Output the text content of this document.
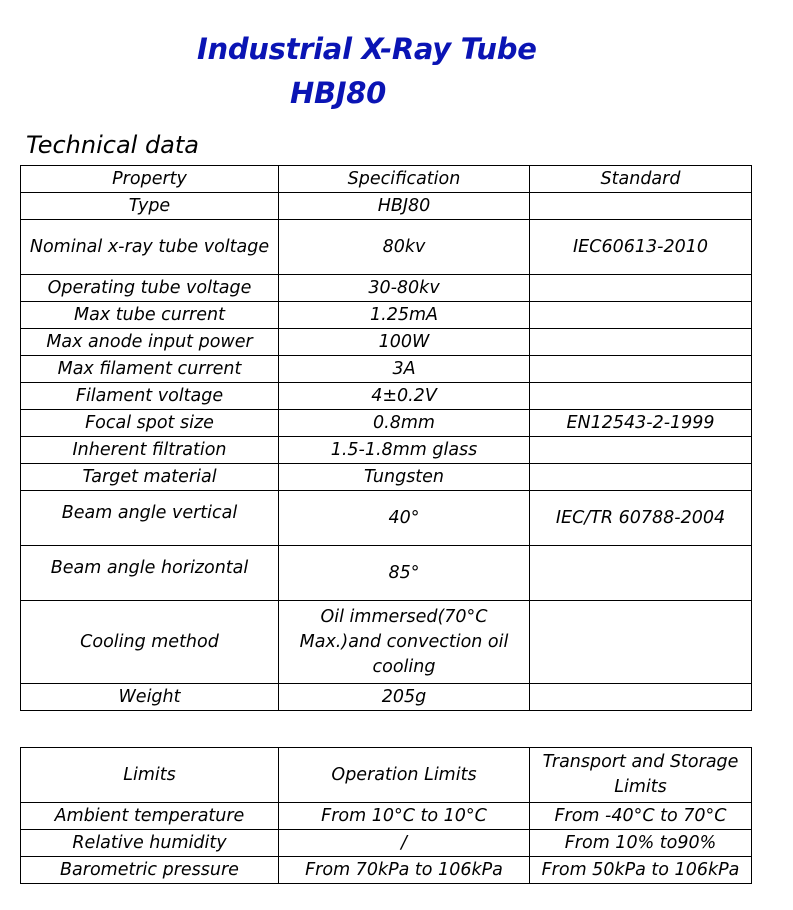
Industrial X-Ray Tube
HBJ80
Technical data
Property	Specification	Standard
Type	HBJ80	
Nominal x-ray tube voltage	80kv	IEC60613-2010
Operating tube voltage	30-80kv	
Max tube current	1.25mA	
Max anode input power	100W	
Max filament current	3A	
Filament voltage	4±0.2V	
Focal spot size	0.8mm	EN12543-2-1999
Inherent filtration	1.5-1.8mm glass	
Target material	Tungsten	
Beam angle vertical	40°	IEC/TR 60788-2004
Beam angle horizontal	85°	
Cooling method	Oil immersed(70°C Max.)and convection oil cooling	
Weight	205g	
Limits	Operation Limits	Transport and Storage Limits
Ambient temperature	From 10°C to 10°C	From -40°C to 70°C
Relative humidity	/	From 10% to90%
Barometric pressure	From 70kPa to 106kPa	From 50kPa to 106kPa
